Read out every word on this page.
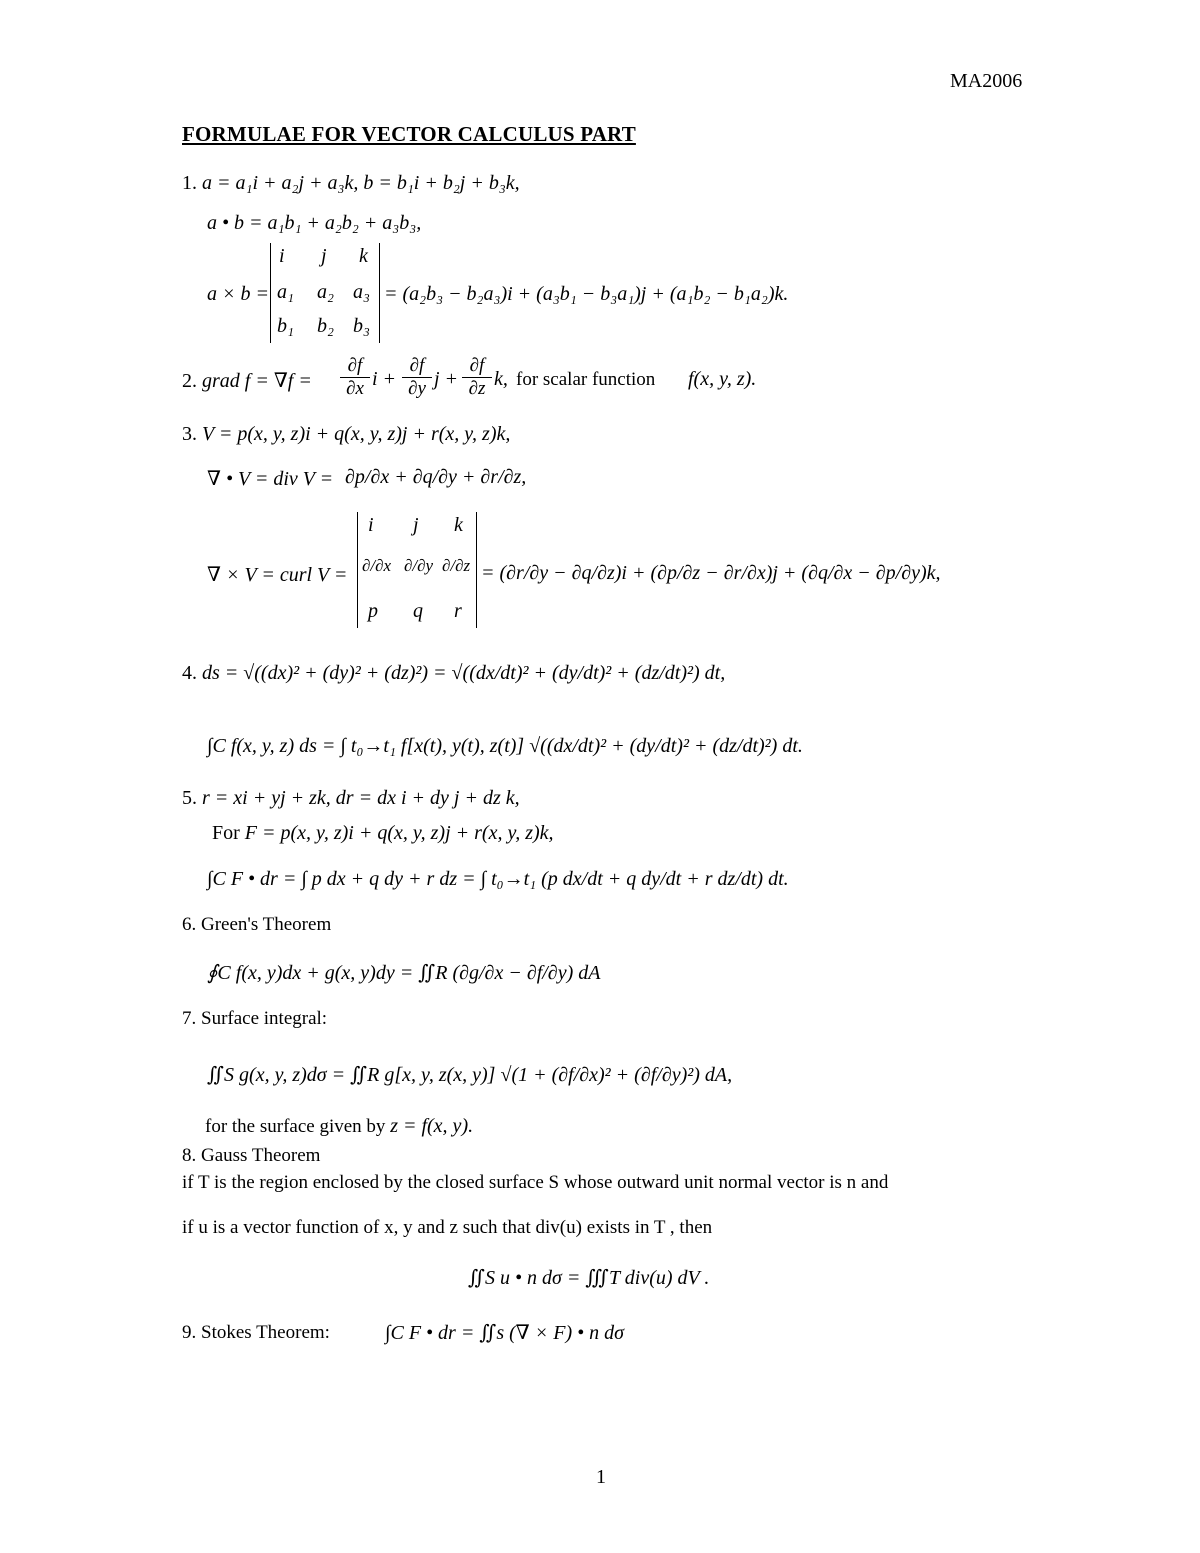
MA2006
FORMULAE FOR VECTOR CALCULUS PART
1. a = a₁i + a₂j + a₃k, b = b₁i + b₂j + b₃k,
a • b = a₁b₁ + a₂b₂ + a₃b₃,
a × b =
i j k
a₁ a₂ a₃
b₁ b₂ b₃
= (a₂b₃ − b₂a₃)i + (a₃b₁ − b₃a₁)j + (a₁b₂ − b₁a₂)k.
2. grad $f = \nabla f = \frac{\partial f}{\partial x}$ $i + \frac{\partial f}{\partial y}$ $j + \frac{\partial f}{\partial z} k$, for scalar function f(x, y, z).
3. V = p(x, y, z)i + q(x, y, z)j + r(x, y, z)k,
∇ • V = div V = ∂p/∂x + ∂q/∂y + ∂r/∂z,
∇ × V = curl V =
i j k
∂/∂x ∂/∂y ∂/∂z
p q r
= (∂r/∂y − ∂q/∂z)i + (∂p/∂z − ∂r/∂x)j + (∂q/∂x − ∂p/∂y)k,
4. ds = √((dx)² + (dy)² + (dz)²) = √((dx/dt)² + (dy/dt)² + (dz/dt)²) dt,
∫C f(x, y, z) ds = ∫ t₀→t₁ f[x(t), y(t), z(t)] √((dx/dt)² + (dy/dt)² + (dz/dt)²) dt.
5. r = xi + yj + zk, dr = dx i + dy j + dz k,
For F = p(x, y, z)i + q(x, y, z)j + r(x, y, z)k,
∫C F • dr = ∫ p dx + q dy + r dz = ∫ t₀→t₁ (p dx/dt + q dy/dt + r dz/dt) dt.
6. Green's Theorem
∮C f(x, y)dx + g(x, y)dy = ∬R (∂g/∂x − ∂f/∂y) dA
7. Surface integral:
∬S g(x, y, z)dσ = ∬R g[x, y, z(x, y)] √(1 + (∂f/∂x)² + (∂f/∂y)²) dA,
for the surface given by z = f(x, y).
8. Gauss Theorem
if T is the region enclosed by the closed surface S whose outward unit normal vector is n and
if u is a vector function of x, y and z such that div(u) exists in T , then
∬S u • n dσ = ∭T div(u) dV .
9. Stokes Theorem:	∫C F • dr = ∬s (∇ × F) • n dσ
1
